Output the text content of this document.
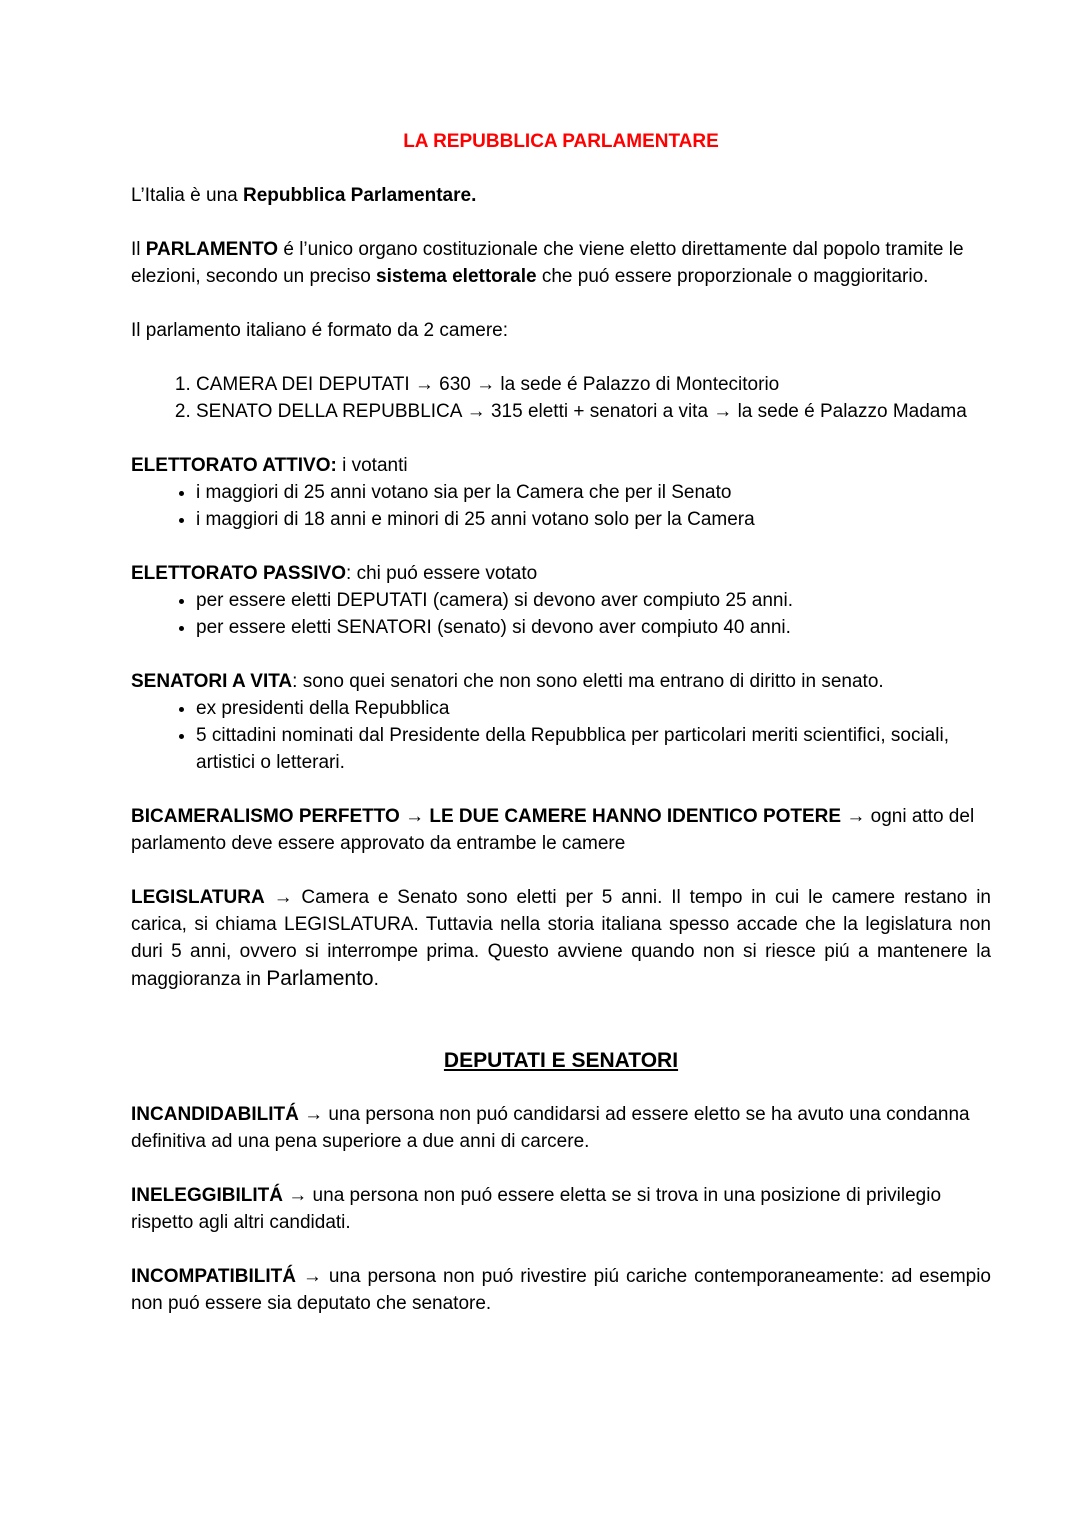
LA REPUBBLICA PARLAMENTARE

L’Italia è una Repubblica Parlamentare.

Il PARLAMENTO é l’unico organo costituzionale che viene eletto direttamente dal popolo tramite le elezioni, secondo un preciso sistema elettorale che puó essere proporzionale o maggioritario.

Il parlamento italiano é formato da 2 camere:

1. CAMERA DEI DEPUTATI → 630 → la sede é Palazzo di Montecitorio
2. SENATO DELLA REPUBBLICA → 315 eletti + senatori a vita → la sede é Palazzo Madama

ELETTORATO ATTIVO: i votanti

• i maggiori di 25 anni votano sia per la Camera che per il Senato
• i maggiori di 18 anni e minori di 25 anni votano solo per la Camera

ELETTORATO PASSIVO: chi puó essere votato

• per essere eletti DEPUTATI (camera) si devono aver compiuto 25 anni.
• per essere eletti SENATORI (senato) si devono aver compiuto 40 anni.

SENATORI A VITA: sono quei senatori che non sono eletti ma entrano di diritto in senato.

• ex presidenti della Repubblica
• 5 cittadini nominati dal Presidente della Repubblica per particolari meriti scientifici, sociali, artistici o letterari.

BICAMERALISMO PERFETTO → LE DUE CAMERE HANNO IDENTICO POTERE → ogni atto del parlamento deve essere approvato da entrambe le camere

LEGISLATURA → Camera e Senato sono eletti per 5 anni. Il tempo in cui le camere restano in carica, si chiama LEGISLATURA. Tuttavia nella storia italiana spesso accade che la legislatura non duri 5 anni, ovvero si interrompe prima. Questo avviene quando non si riesce piú a mantenere la maggioranza in Parlamento.

DEPUTATI E SENATORI

INCANDIDABILITÁ → una persona non puó candidarsi ad essere eletto se ha avuto una condanna definitiva ad una pena superiore a due anni di carcere.

INELEGGIBILITÁ → una persona non puó essere eletta se si trova in una posizione di privilegio rispetto agli altri candidati.

INCOMPATIBILITÁ → una persona non puó rivestire piú cariche contemporaneamente: ad esempio non puó essere sia deputato che senatore.
